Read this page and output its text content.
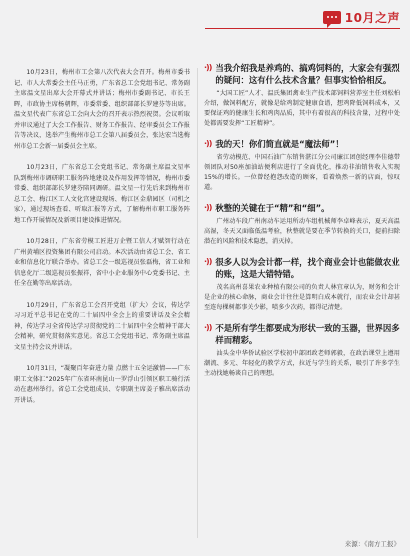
10月之声

10月23日，梅州市工会第八次代表大会召开。梅州市委书记、市人大常委会主任马正勇，广东省总工会党组书记、常务副主席温文星出席大会开幕式并讲话；梅州市委副书记、市长王晖，市政协主席杨朝辉，市委常委、组织部部长罗建芬等出席。温文星代表广东省总工会向大会的召开表示热烈祝贺。会议听取并审议通过了大会工作报告、财务工作报告、经审委员会工作报告等决议，选举产生梅州市总工会第八届委员会，张达宏当选梅州市总工会新一届委员会主席。

10月23日，广东省总工会党组书记、常务副主席温文星率队到梅州市调研职工服务阵地建设及作用发挥等情况，梅州市委常委、组织部部长罗建芬陪同调研。温文星一行先后来到梅州市总工会、梅江区工人文化宫建设现场、梅江区金鼎园区（司机之家），通过现场查看、听取汇报等方式，了解梅州市职工服务阵地工作开展情况及新项目建设推进情况。

10月28日，广东省劳模工匠进万企暨工信人才赋智行动在广州黄埔区投资集团有限公司启动。本次活动由省总工会、省工业和信息化厅联合举办。省总工会一级巡视员张磊梅，省工业和信息化厅二级巡视员张振祥，省中小企业服务中心党委书记、主任全在勤等出席活动。

10月29日，广东省总工会召开党组（扩大）会议，传达学习习近平总书记在党的二十届四中全会上的重要讲话及全会精神，传达学习全省传达学习贯彻党的二十届四中全会精神干部大会精神，研究贯彻落实意见。省总工会党组书记、常务副主席温文星主持会议并讲话。

10月31日，“凝聚百年奋进力量 点燃十五全运激情——广东职工文体汇”2025年广东省环南昆山一罗浮山引领区职工骑行活动在惠州举行。省总工会党组成员、专职副主席姜子雅出席活动开讲话。

·)) 当我介绍我是养鸡的、搞鸡饲料的，大家会有强烈的疑问：这有什么技术含量？但事实恰恰相反。
“大国工匠”人才、温氏集团禽业生产技术部饲料营养室主任刘松柏介绍，做饲料配方，就像是给鸡制定健康食谱，想鸡降低饲料成本，又要保证鸡的健康生长和鸡肉品质，其中有着很高的科技含量，过程中处处都需要发挥“工匠精神”。
·)) 我的天！你们简直就是“魔法师”！
省劳动模范、中国石油广东销售湛江分公司廉江团创经理李佳德带领团队对50座加油站便利店进行了全面优化，推动非油销售收入实现15%的增长。一位曾经抱怨改造的顾客，看着焕然一新的店面，惊叹道。
·)) 秋整的关键在于“精”和“细”。
广州动车段广州南动车运用所动车组机械师李卓峰表示，夏天高温高湿，冬天又面临低温考验，秋整就是要在季节转换的关口，提前扫除潜在的风险和技术隐患，消灭掉。
·)) 很多人以为会计都一样，找个商业会计也能做农业的账，这是大错特错。
茂名高州喜果农业种植有限公司的负责人林宜章认为，财务和会计是企业的核心命脉，商业会计往往是算明白成本就行，而农业会计却甚至连每棵树都事关少影，喷多少次药，都得记清楚。
·)) 不是所有学生都要成为形状一致的玉器，世界因多样而精彩。
汕头金中华侨试验区学校初中部团政老师郭毅，在政治课堂上遵用潮流、多元、年轻化的教学方式，拉近与学生的关系，吸引了许多学生主动找她畅谈自己的理想。
来源：《南方工报》
